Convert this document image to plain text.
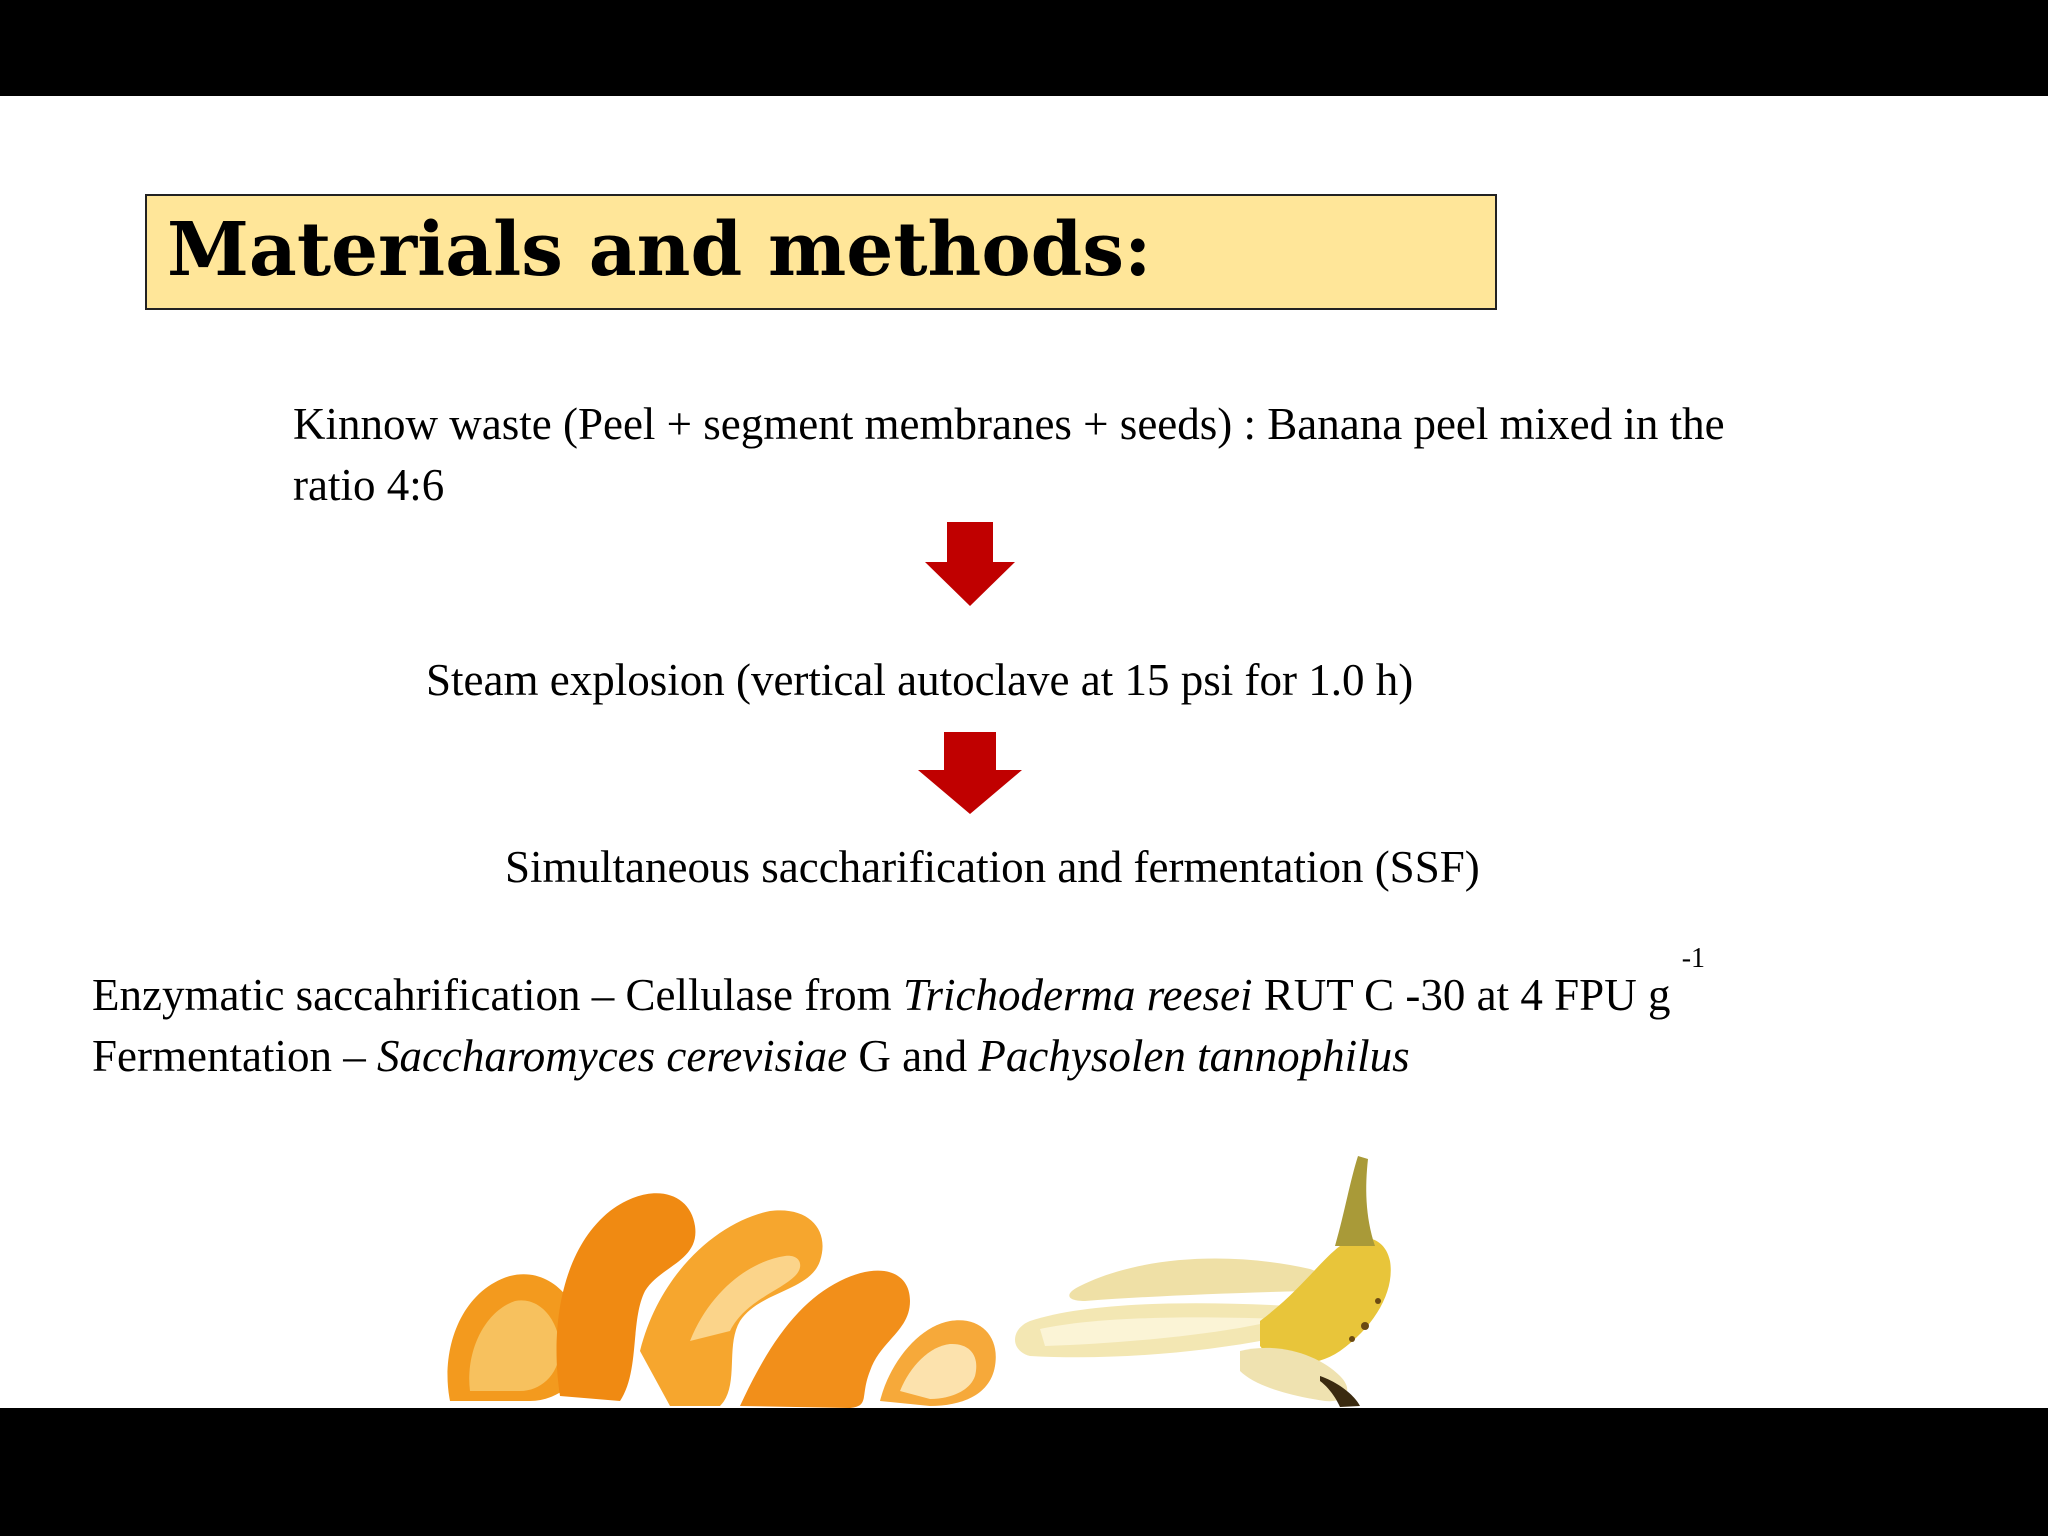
Materials and methods:
Kinnow waste (Peel + segment membranes + seeds) : Banana peel mixed in the
ratio 4:6
Steam explosion (vertical autoclave at 15 psi for 1.0 h)
Simultaneous saccharification and fermentation (SSF)
Enzymatic saccahrification – Cellulase from Trichoderma reesei RUT C -30 at 4 FPU g $^{-1}$
Fermentation – Saccharomyces cerevisiae G and Pachysolen tannophilus
